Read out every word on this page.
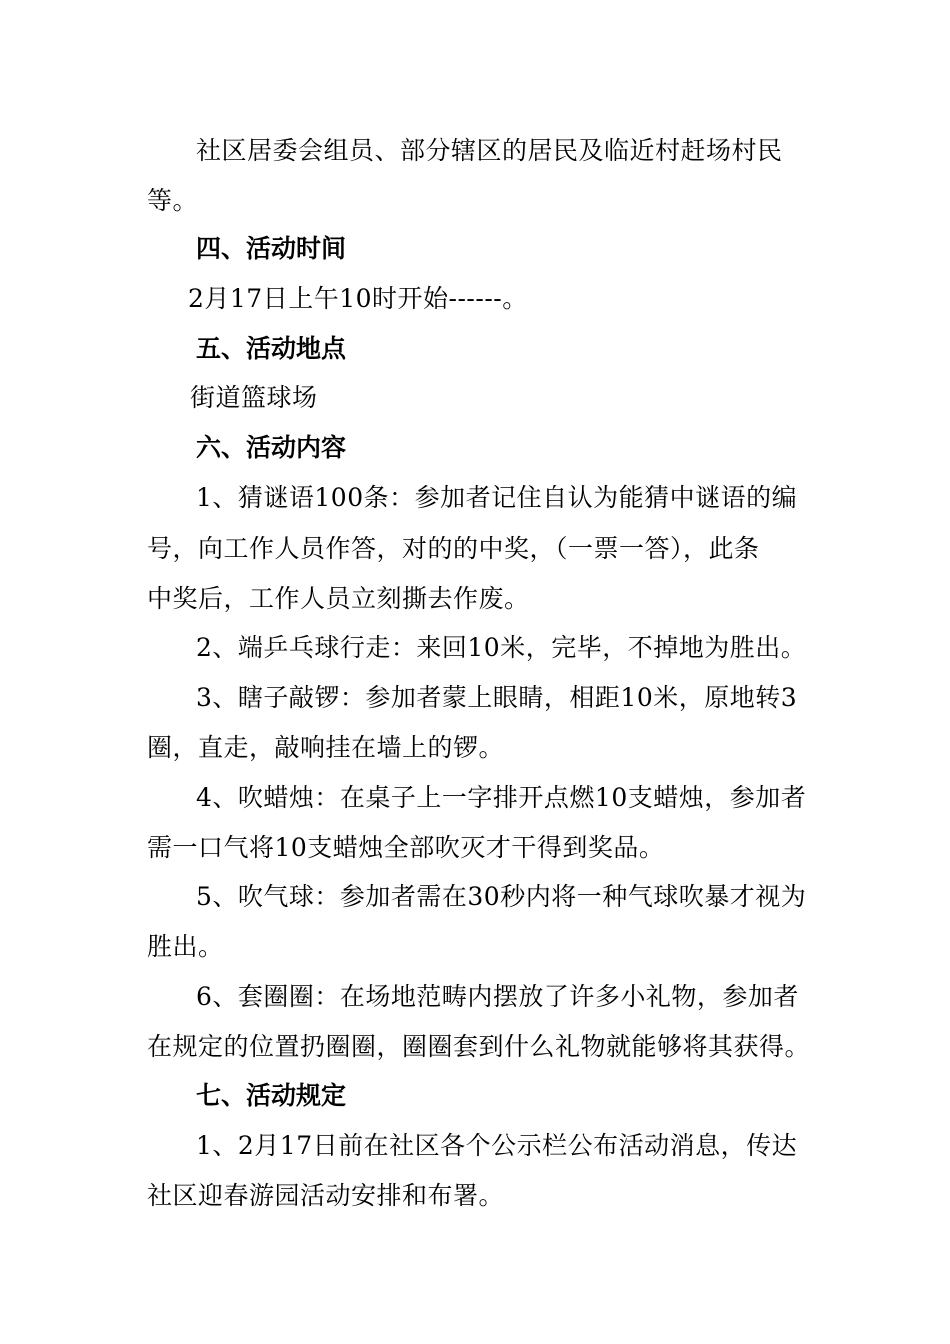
社区居委会组员、部分辖区的居民及临近村赶场村民
等。
四、活动时间
2月17日上午10时开始------。
五、活动地点
街道篮球场
六、活动内容
1、猜谜语100条：参加者记住自认为能猜中谜语的编
号，向工作人员作答，对的的中奖，（一票一答），此条
中奖后，工作人员立刻撕去作废。
2、端乒乓球行走：来回10米，完毕，不掉地为胜出。
3、瞎子敲锣：参加者蒙上眼睛，相距10米，原地转3
圈，直走，敲响挂在墙上的锣。
4、吹蜡烛：在桌子上一字排开点燃10支蜡烛，参加者
需一口气将10支蜡烛全部吹灭才干得到奖品。
5、吹气球：参加者需在30秒内将一种气球吹暴才视为
胜出。
6、套圈圈：在场地范畴内摆放了许多小礼物，参加者
在规定的位置扔圈圈，圈圈套到什么礼物就能够将其获得。
七、活动规定
1、2月17日前在社区各个公示栏公布活动消息，传达
社区迎春游园活动安排和布署。
